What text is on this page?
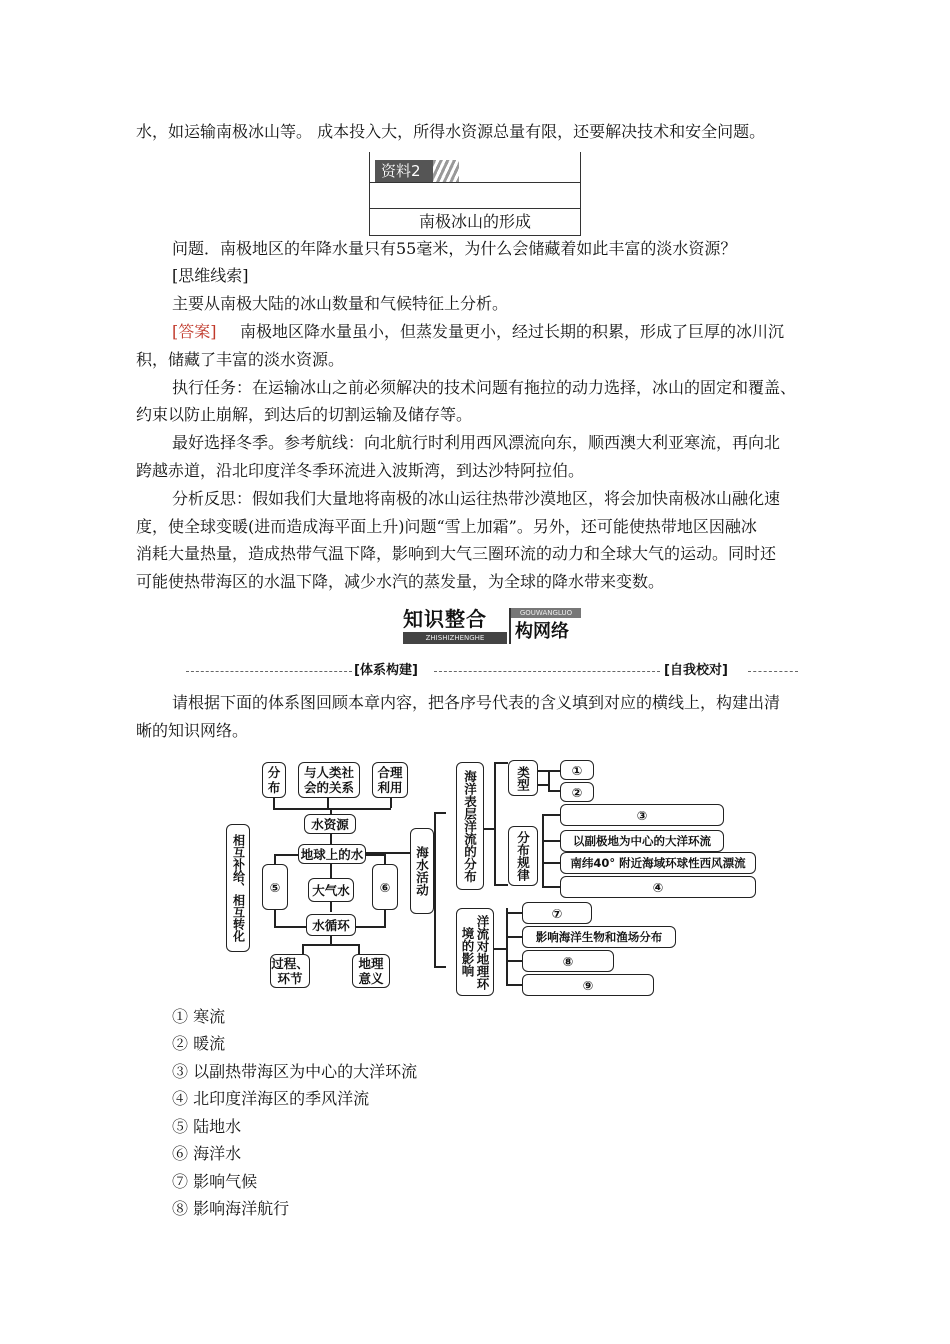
水，如运输南极冰山等。 成本投入大，所得水资源总量有限，还要解决技术和安全问题。
资料2
南极冰山的形成
问题．南极地区的年降水量只有55毫米，为什么会储藏着如此丰富的淡水资源？
[思维线索]
主要从南极大陆的冰山数量和气候特征上分析。
[答案] 南极地区降水量虽小，但蒸发量更小，经过长期的积累，形成了巨厚的冰川沉
积，储藏了丰富的淡水资源。
执行任务：在运输冰山之前必须解决的技术问题有拖拉的动力选择，冰山的固定和覆盖、
约束以防止崩解，到达后的切割运输及储存等。
最好选择冬季。参考航线：向北航行时利用西风漂流向东，顺西澳大利亚寒流，再向北
跨越赤道，沿北印度洋冬季环流进入波斯湾，到达沙特阿拉伯。
分析反思：假如我们大量地将南极的冰山运往热带沙漠地区，将会加快南极冰山融化速
度，使全球变暖(进而造成海平面上升)问题“雪上加霜”。另外，还可能使热带地区因融冰
消耗大量热量，造成热带气温下降，影响到大气三圈环流的动力和全球大气的运动。同时还
可能使热带海区的水温下降，减少水汽的蒸发量，为全球的降水带来变数。
知识整合
ZHISHIZHENGHE
GOUWANGLUO
构网络
[体系构建]	[自我校对]
请根据下面的体系图回顾本章内容，把各序号代表的含义填到对应的横线上，构建出清
晰的知识网络。
分布
与人类社会的关系
合理利用
水资源
地球上的水
相互补给、相互转化	⑤	⑥
大气水
水循环
过程、环节
地理意义
海水活动	海洋表层洋流的分布	类型	①
②
分布规律
③
以副极地为中心的大洋环流
南纬40° 附近海域环球性西风漂流
④
洋流对地理环境的影响
⑦
影响海洋生物和渔场分布
⑧
⑨
① 寒流
② 暖流
③ 以副热带海区为中心的大洋环流
④ 北印度洋海区的季风洋流
⑤ 陆地水
⑥ 海洋水
⑦ 影响气候
⑧ 影响海洋航行
